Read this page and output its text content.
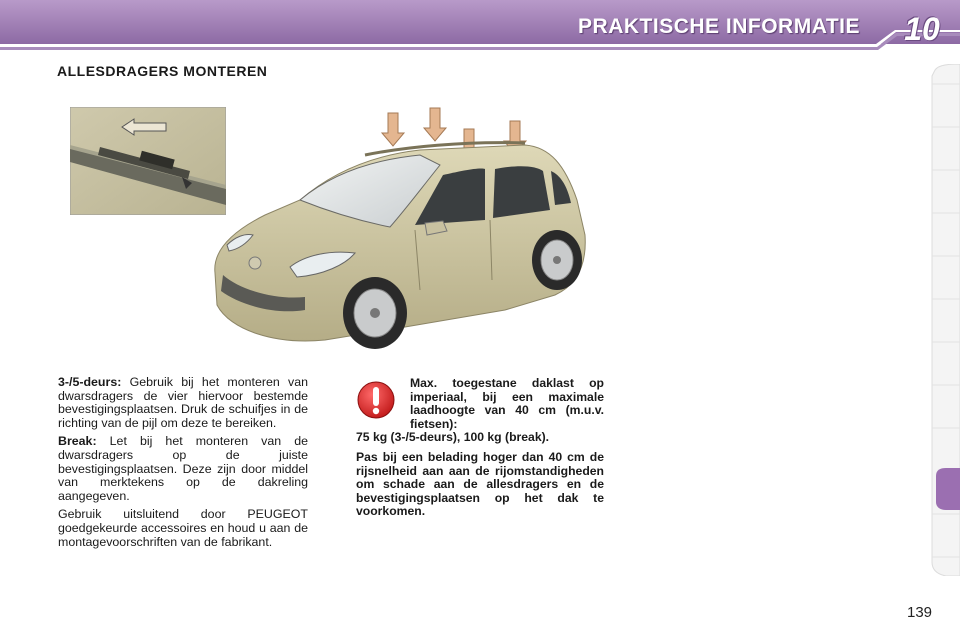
PRAKTISCHE INFORMATIE 10
ALLESDRAGERS MONTEREN

3-/5-deurs: Gebruik bij het monteren van dwarsdragers de vier hiervoor bestemde bevestigingsplaatsen. Druk de schuifjes in de richting van de pijl om deze te bereiken.

Break: Let bij het monteren van de dwarsdragers op de juiste bevestigingsplaatsen. Deze zijn door middel van merktekens op de dakreling aangegeven.

Gebruik uitsluitend door PEUGEOT goedgekeurde accessoires en houd u aan de montagevoorschriften van de fabrikant.

Max. toegestane daklast op imperiaal, bij een maximale laadhoogte van 40 cm (m.u.v. fietsen):
75 kg (3-/5-deurs), 100 kg (break).

Pas bij een belading hoger dan 40 cm de rijsnelheid aan aan de rijomstandigheden om schade aan de allesdragers en de bevestigingsplaatsen op het dak te voorkomen.

139
